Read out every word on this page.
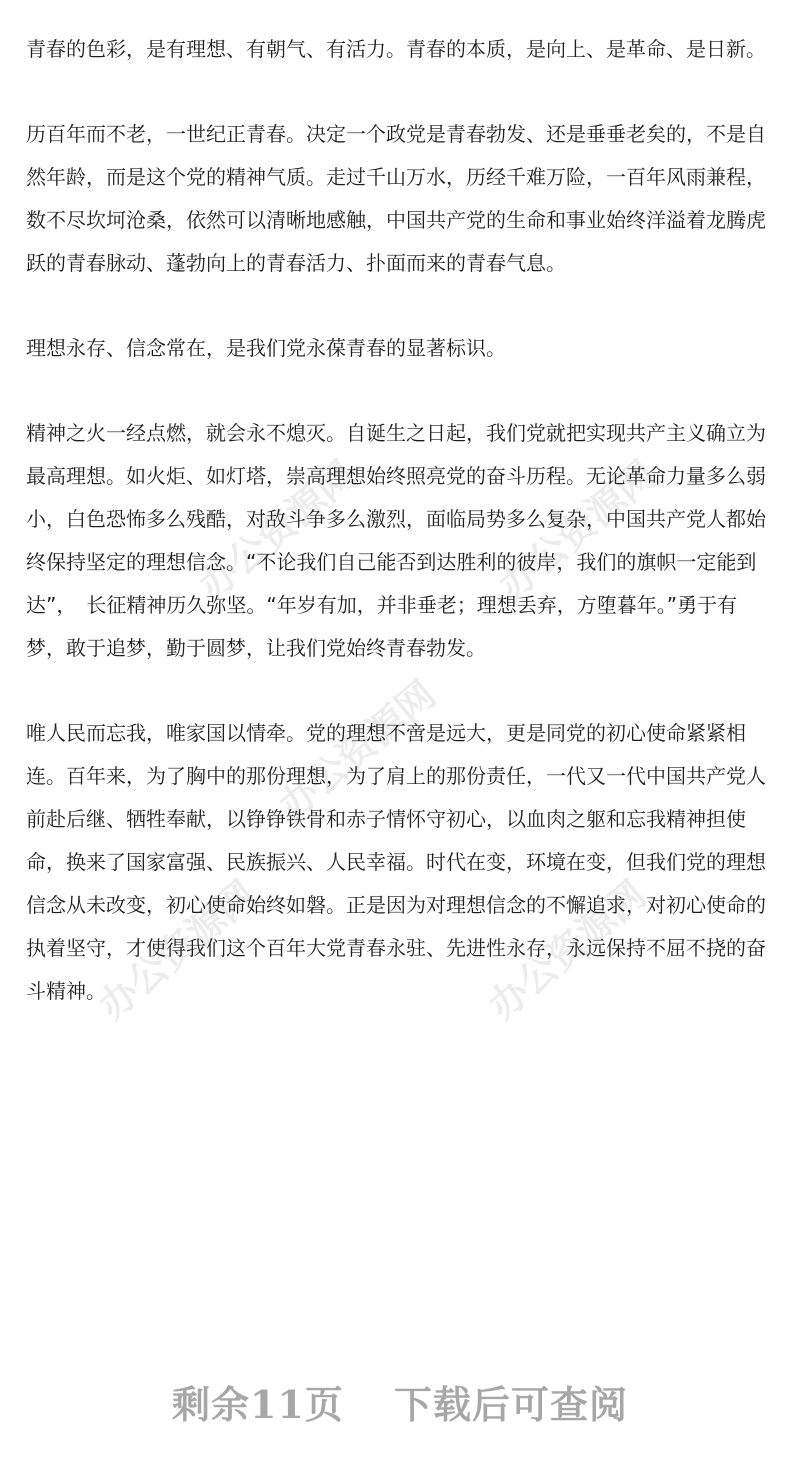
办公资源网	办公资源网
办公资源网
办公资源网	办公资源网

青春的色彩，是有理想、有朝气、有活力。青春的本质，是向上、是革命、是日新。

历百年而不老，一世纪正青春。决定一个政党是青春勃发、还是垂垂老矣的，不是自然年龄，而是这个党的精神气质。走过千山万水，历经千难万险，一百年风雨兼程，数不尽坎坷沧桑，依然可以清晰地感触，中国共产党的生命和事业始终洋溢着龙腾虎跃的青春脉动、蓬勃向上的青春活力、扑面而来的青春气息。

理想永存、信念常在，是我们党永葆青春的显著标识。

精神之火一经点燃，就会永不熄灭。自诞生之日起，我们党就把实现共产主义确立为最高理想。如火炬、如灯塔，崇高理想始终照亮党的奋斗历程。无论革命力量多么弱小，白色恐怖多么残酷，对敌斗争多么激烈，面临局势多么复杂，中国共产党人都始终保持坚定的理想信念。“不论我们自己能否到达胜利的彼岸，我们的旗帜一定能到达”，　长征精神历久弥坚。“年岁有加，并非垂老；理想丢弃，方堕暮年。”勇于有梦，敢于追梦，勤于圆梦，让我们党始终青春勃发。

唯人民而忘我，唯家国以情牵。党的理想不啻是远大，更是同党的初心使命紧紧相连。百年来，为了胸中的那份理想，为了肩上的那份责任，一代又一代中国共产党人前赴后继、牺牲奉献，以铮铮铁骨和赤子情怀守初心，以血肉之躯和忘我精神担使命，换来了国家富强、民族振兴、人民幸福。时代在变，环境在变，但我们党的理想信念从未改变，初心使命始终如磐。正是因为对理想信念的不懈追求，对初心使命的执着坚守，才使得我们这个百年大党青春永驻、先进性永存，永远保持不屈不挠的奋斗精神。

剩余11页 下载后可查阅
